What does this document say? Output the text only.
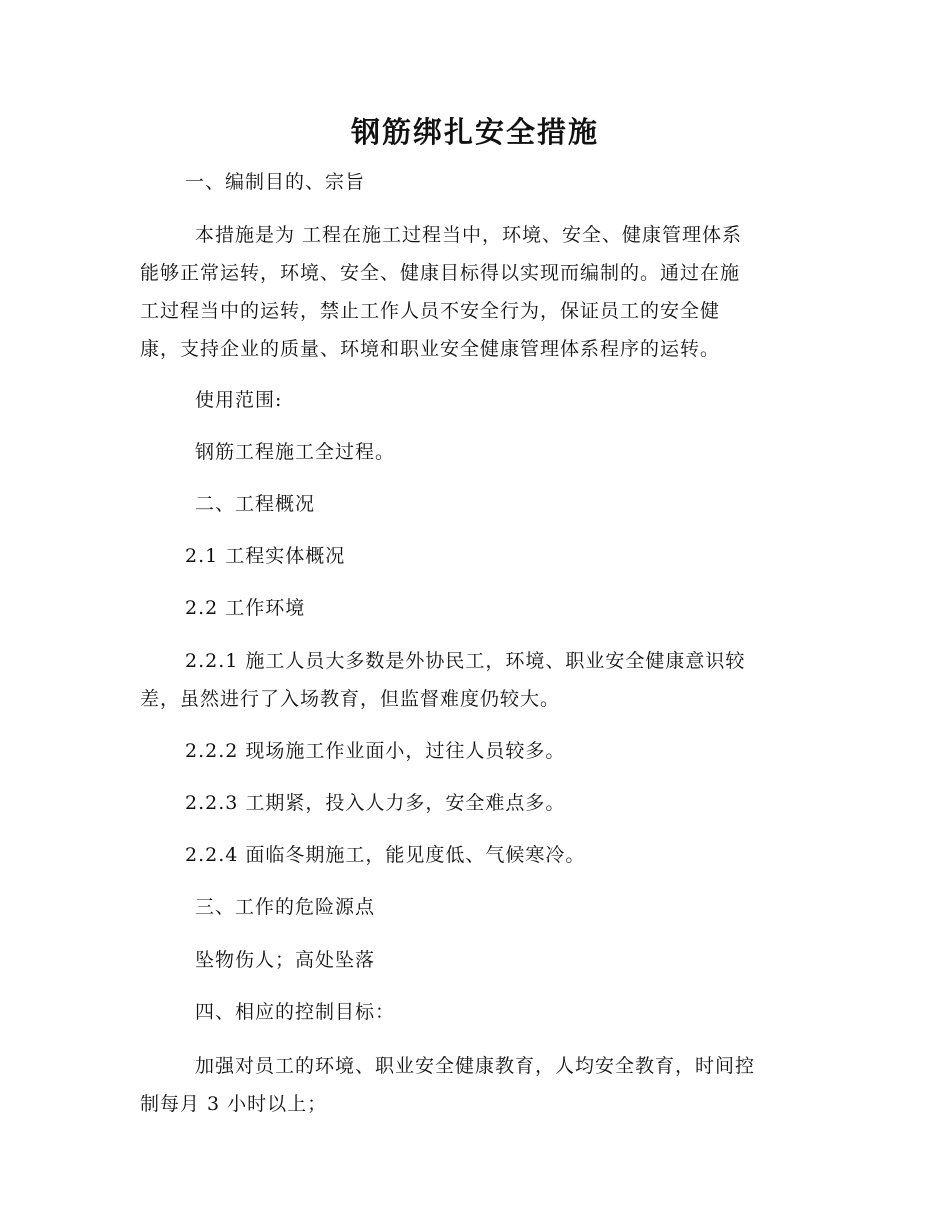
钢筋绑扎安全措施
一、编制目的、宗旨
本措施是为 工程在施工过程当中，环境、安全、健康管理体系
能够正常运转，环境、安全、健康目标得以实现而编制的。通过在施
工过程当中的运转，禁止工作人员不安全行为，保证员工的安全健
康，支持企业的质量、环境和职业安全健康管理体系程序的运转。
使用范围:
钢筋工程施工全过程。
二、工程概况
2.1 工程实体概况
2.2 工作环境
2.2.1 施工人员大多数是外协民工，环境、职业安全健康意识较
差，虽然进行了入场教育，但监督难度仍较大。
2.2.2 现场施工作业面小，过往人员较多。
2.2.3 工期紧，投入人力多，安全难点多。
2.2.4 面临冬期施工，能见度低、气候寒冷。
三、工作的危险源点
坠物伤人；高处坠落
四、相应的控制目标：
加强对员工的环境、职业安全健康教育，人均安全教育，时间控
制每月 3 小时以上；
